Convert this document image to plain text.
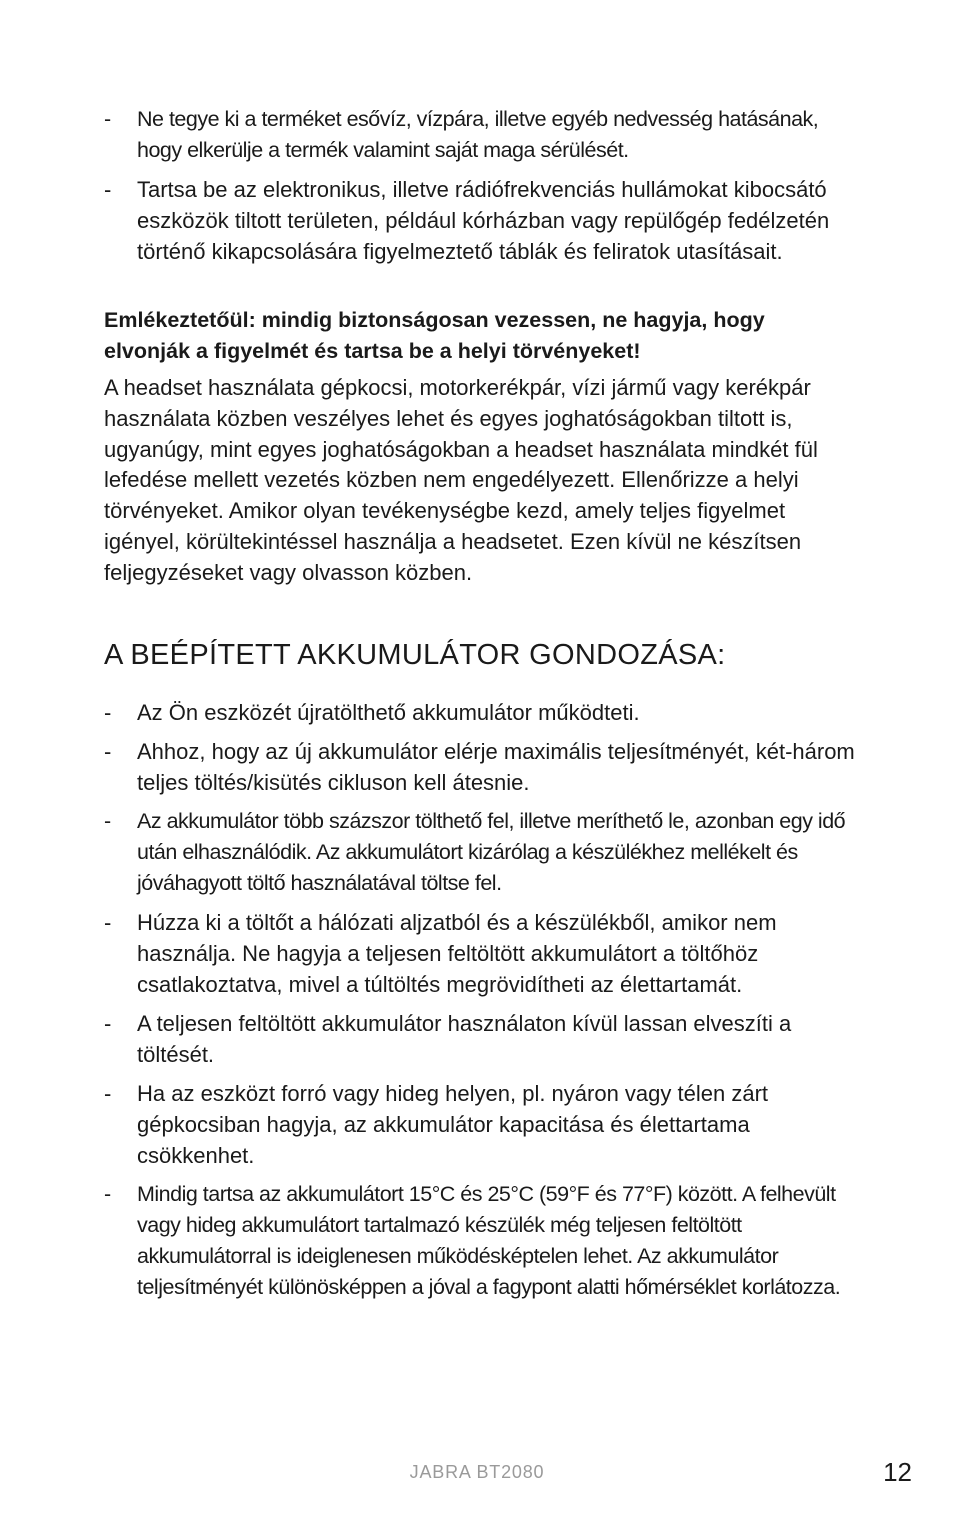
- Ne tegye ki a terméket esővíz, vízpára, illetve egyéb nedvesség hatásának, hogy elkerülje a termék valamint saját maga sérülését.
- Tartsa be az elektronikus, illetve rádiófrekvenciás hullámokat kibocsátó eszközök tiltott területen, például kórházban vagy repülőgép fedélzetén történő kikapcsolására figyelmeztető táblák és feliratok utasításait.
Emlékeztetőül: mindig biztonságosan vezessen, ne hagyja, hogy elvonják a figyelmét és tartsa be a helyi törvényeket!

A headset használata gépkocsi, motorkerékpár, vízi jármű vagy kerékpár használata közben veszélyes lehet és egyes joghatóságokban tiltott is, ugyanúgy, mint egyes joghatóságokban a headset használata mindkét fül lefedése mellett vezetés közben nem engedélyezett. Ellenőrizze a helyi törvényeket. Amikor olyan tevékenységbe kezd, amely teljes figyelmet igényel, körültekintéssel használja a headsetet. Ezen kívül ne készítsen feljegyzéseket vagy olvasson közben.

A BEÉPÍTETT AKKUMULÁTOR GONDOZÁSA:
- Az Ön eszközét újratölthető akkumulátor működteti.
- Ahhoz, hogy az új akkumulátor elérje maximális teljesítményét, két-három teljes töltés/kisütés cikluson kell átesnie.
- Az akkumulátor több százszor tölthető fel, illetve meríthető le, azonban egy idő után elhasználódik. Az akkumulátort kizárólag a készülékhez mellékelt és jóváhagyott töltő használatával töltse fel.
- Húzza ki a töltőt a hálózati aljzatból és a készülékből, amikor nem használja. Ne hagyja a teljesen feltöltött akkumulátort a töltőhöz csatlakoztatva, mivel a túltöltés megrövidítheti az élettartamát.
- A teljesen feltöltött akkumulátor használaton kívül lassan elveszíti a töltését.
- Ha az eszközt forró vagy hideg helyen, pl. nyáron vagy télen zárt gépkocsiban hagyja, az akkumulátor kapacitása és élettartama csökkenhet.
- Mindig tartsa az akkumulátort 15°C és 25°C (59°F és 77°F) között. A felhevült vagy hideg akkumulátort tartalmazó készülék még teljesen feltöltött akkumulátorral is ideiglenesen működésképtelen lehet. Az akkumulátor teljesítményét különösképpen a jóval a fagypont alatti hőmérséklet korlátozza.
JABRA BT2080	12
